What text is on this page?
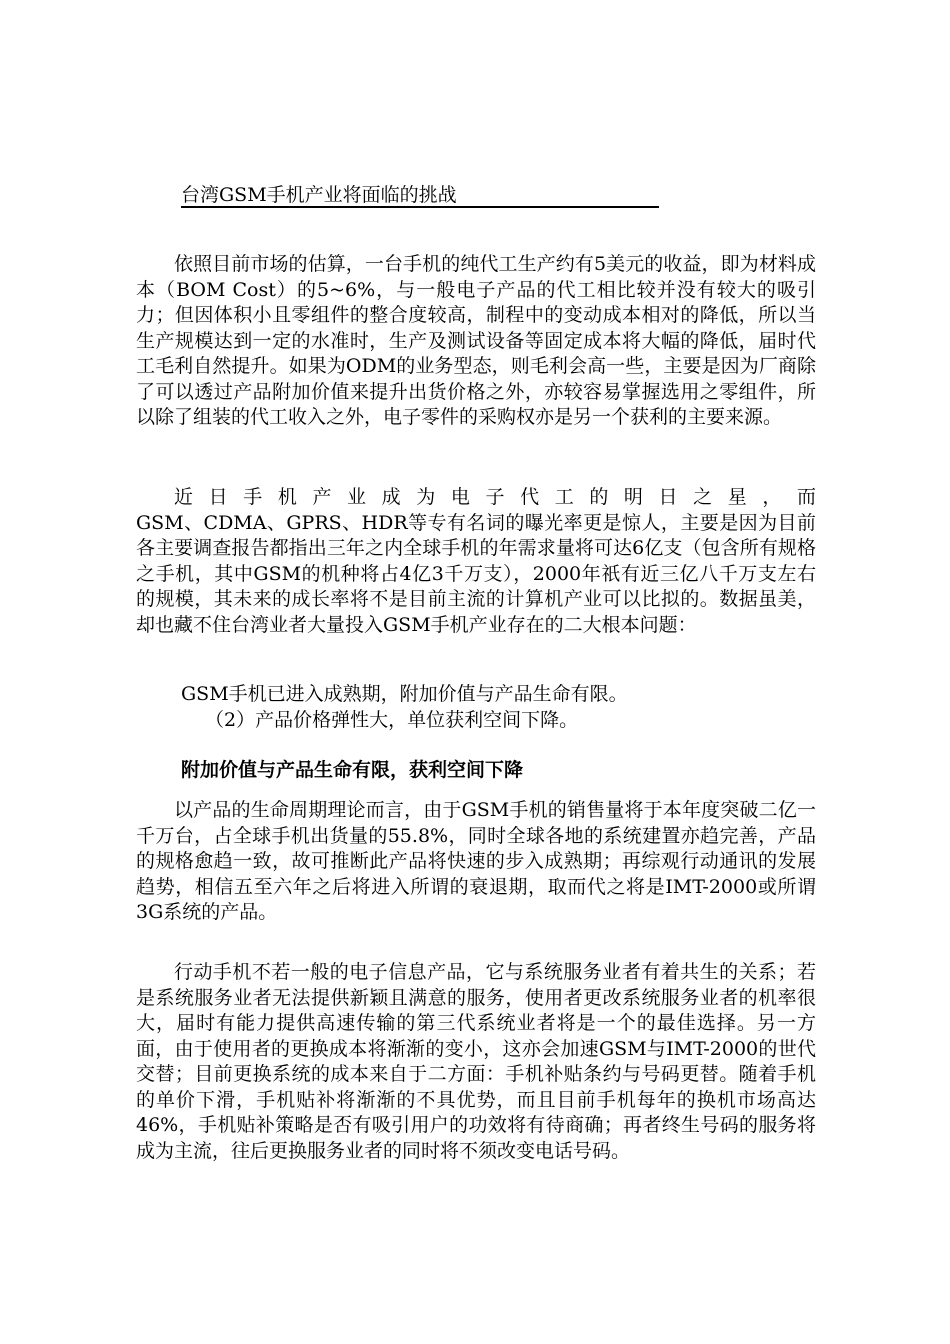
台湾GSM手机产业将面临的挑战

依照目前市场的估算，一台手机的纯代工生产约有5美元的收益，即为材料成本（BOM Cost）的5~6%，与一般电子产品的代工相比较并没有较大的吸引力；但因体积小且零组件的整合度较高，制程中的变动成本相对的降低，所以当生产规模达到一定的水准时，生产及测试设备等固定成本将大幅的降低，届时代工毛利自然提升。如果为ODM的业务型态，则毛利会高一些，主要是因为厂商除了可以透过产品附加价值来提升出货价格之外，亦较容易掌握选用之零组件，所以除了组装的代工收入之外，电子零件的采购权亦是另一个获利的主要来源。

近日手机产业成为电子代工的明日之星，而
GSM、CDMA、GPRS、HDR等专有名词的曝光率更是惊人，主要是因为目前各主要调查报告都指出三年之内全球手机的年需求量将可达6亿支（包含所有规格之手机，其中GSM的机种将占4亿3千万支），2000年祇有近三亿八千万支左右的规模，其未来的成长率将不是目前主流的计算机产业可以比拟的。数据虽美，却也藏不住台湾业者大量投入GSM手机产业存在的二大根本问题：

GSM手机已进入成熟期，附加价值与产品生命有限。
（2）产品价格弹性大，单位获利空间下降。
附加价值与产品生命有限，获利空间下降

以产品的生命周期理论而言，由于GSM手机的销售量将于本年度突破二亿一千万台，占全球手机出货量的55.8%，同时全球各地的系统建置亦趋完善，产品的规格愈趋一致，故可推断此产品将快速的步入成熟期；再综观行动通讯的发展趋势，相信五至六年之后将进入所谓的衰退期，取而代之将是IMT-2000或所谓3G系统的产品。

行动手机不若一般的电子信息产品，它与系统服务业者有着共生的关系；若是系统服务业者无法提供新颖且满意的服务，使用者更改系统服务业者的机率很大，届时有能力提供高速传输的第三代系统业者将是一个的最佳选择。另一方面，由于使用者的更换成本将渐渐的变小，这亦会加速GSM与IMT-2000的世代交替；目前更换系统的成本来自于二方面：手机补贴条约与号码更替。随着手机的单价下滑，手机贴补将渐渐的不具优势，而且目前手机每年的换机市场高达46%，手机贴补策略是否有吸引用户的功效将有待商确；再者终生号码的服务将成为主流，往后更换服务业者的同时将不须改变电话号码。
